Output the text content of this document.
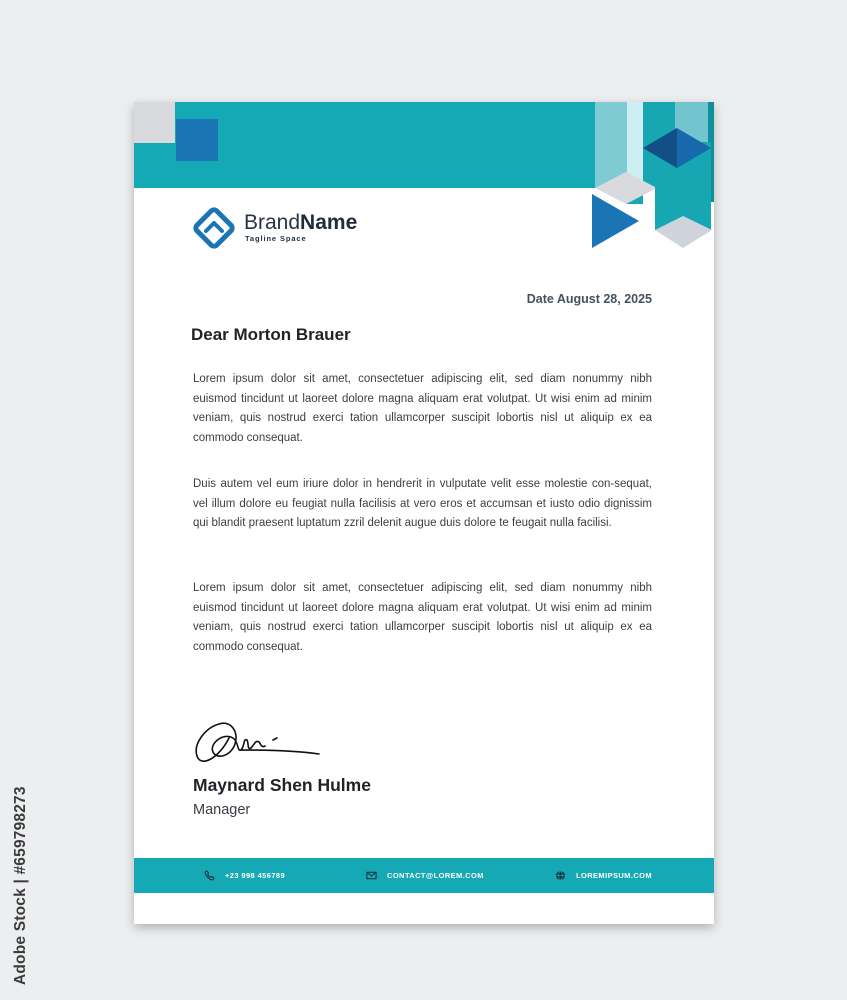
BrandName
Tagline Space
Date August 28, 2025
Dear Morton Brauer

Lorem ipsum dolor sit amet, consectetuer adipiscing elit, sed diam nonummy nibh euismod tincidunt ut laoreet dolore magna aliquam erat volutpat. Ut wisi enim ad minim veniam, quis nostrud exerci tation ullamcorper suscipit lobortis nisl ut aliquip ex ea commodo consequat.

Duis autem vel eum iriure dolor in hendrerit in vulputate velit esse molestie con-sequat, vel illum dolore eu feugiat nulla facilisis at vero eros et accumsan et iusto odio dignissim qui blandit praesent luptatum zzril delenit augue duis dolore te feugait nulla facilisi.

Lorem ipsum dolor sit amet, consectetuer adipiscing elit, sed diam nonummy nibh euismod tincidunt ut laoreet dolore magna aliquam erat volutpat. Ut wisi enim ad minim veniam, quis nostrud exerci tation ullamcorper suscipit lobortis nisl ut aliquip ex ea commodo consequat.

Maynard Shen Hulme
Manager
+23 998 456789	CONTACT@LOREM.COM	LOREMIPSUM.COM
Adobe Stock | #659798273
